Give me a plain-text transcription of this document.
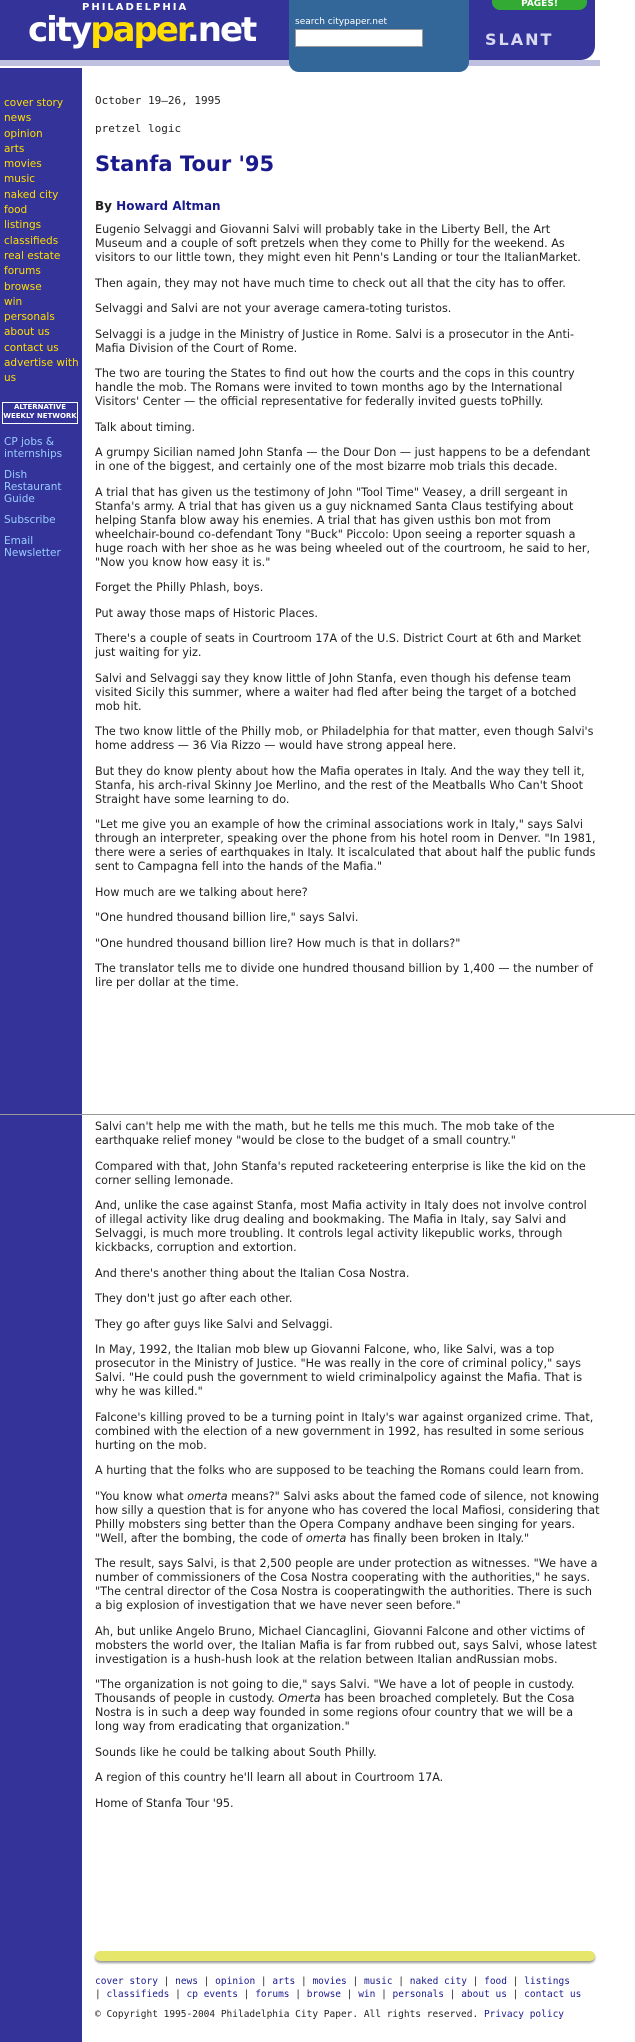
PHILADELPHIA
citypaper.net	search citypaper.net
PAGES!
SLANT
cover story
news
opinion
arts
movies
music
naked city
food
listings
classifieds
real estate
forums
browse
win
personals
about us
contact us
advertise with us
ALTERNATIVE WEEKLY NETWORK
CP jobs & internships
Dish Restaurant Guide
Subscribe
Email Newsletter

October 19–26, 1995

pretzel logic

Stanfa Tour '95

By Howard Altman

Eugenio Selvaggi and Giovanni Salvi will probably take in the Liberty Bell, the Art Museum and a couple of soft pretzels when they come to Philly for the weekend. As visitors to our little town, they might even hit Penn's Landing or tour the ItalianMarket.

Then again, they may not have much time to check out all that the city has to offer.

Selvaggi and Salvi are not your average camera-toting turistos.

Selvaggi is a judge in the Ministry of Justice in Rome. Salvi is a prosecutor in the Anti-Mafia Division of the Court of Rome.

The two are touring the States to find out how the courts and the cops in this country handle the mob. The Romans were invited to town months ago by the International Visitors' Center — the official representative for federally invited guests toPhilly.

Talk about timing.

A grumpy Sicilian named John Stanfa — the Dour Don — just happens to be a defendant in one of the biggest, and certainly one of the most bizarre mob trials this decade.

A trial that has given us the testimony of John "Tool Time" Veasey, a drill sergeant in Stanfa's army. A trial that has given us a guy nicknamed Santa Claus testifying about helping Stanfa blow away his enemies. A trial that has given usthis bon mot from wheelchair-bound co-defendant Tony "Buck" Piccolo: Upon seeing a reporter squash a huge roach with her shoe as he was being wheeled out of the courtroom, he said to her, "Now you know how easy it is."

Forget the Philly Phlash, boys.

Put away those maps of Historic Places.

There's a couple of seats in Courtroom 17A of the U.S. District Court at 6th and Market just waiting for yiz.

Salvi and Selvaggi say they know little of John Stanfa, even though his defense team visited Sicily this summer, where a waiter had fled after being the target of a botched mob hit.

The two know little of the Philly mob, or Philadelphia for that matter, even though Salvi's home address — 36 Via Rizzo — would have strong appeal here.

But they do know plenty about how the Mafia operates in Italy. And the way they tell it, Stanfa, his arch-rival Skinny Joe Merlino, and the rest of the Meatballs Who Can't Shoot Straight have some learning to do.

"Let me give you an example of how the criminal associations work in Italy," says Salvi through an interpreter, speaking over the phone from his hotel room in Denver. "In 1981, there were a series of earthquakes in Italy. It iscalculated that about half the public funds sent to Campagna fell into the hands of the Mafia."

How much are we talking about here?

"One hundred thousand billion lire," says Salvi.

"One hundred thousand billion lire? How much is that in dollars?"

The translator tells me to divide one hundred thousand billion by 1,400 — the number of lire per dollar at the time.

Salvi can't help me with the math, but he tells me this much. The mob take of the earthquake relief money "would be close to the budget of a small country."

Compared with that, John Stanfa's reputed racketeering enterprise is like the kid on the corner selling lemonade.

And, unlike the case against Stanfa, most Mafia activity in Italy does not involve control of illegal activity like drug dealing and bookmaking. The Mafia in Italy, say Salvi and Selvaggi, is much more troubling. It controls legal activity likepublic works, through kickbacks, corruption and extortion.

And there's another thing about the Italian Cosa Nostra.

They don't just go after each other.

They go after guys like Salvi and Selvaggi.

In May, 1992, the Italian mob blew up Giovanni Falcone, who, like Salvi, was a top prosecutor in the Ministry of Justice. "He was really in the core of criminal policy," says Salvi. "He could push the government to wield criminalpolicy against the Mafia. That is why he was killed."

Falcone's killing proved to be a turning point in Italy's war against organized crime. That, combined with the election of a new government in 1992, has resulted in some serious hurting on the mob.

A hurting that the folks who are supposed to be teaching the Romans could learn from.

"You know what omerta means?" Salvi asks about the famed code of silence, not knowing how silly a question that is for anyone who has covered the local Mafiosi, considering that Philly mobsters sing better than the Opera Company andhave been singing for years. "Well, after the bombing, the code of omerta has finally been broken in Italy."

The result, says Salvi, is that 2,500 people are under protection as witnesses. "We have a number of commissioners of the Cosa Nostra cooperating with the authorities," he says. "The central director of the Cosa Nostra is cooperatingwith the authorities. There is such a big explosion of investigation that we have never seen before."

Ah, but unlike Angelo Bruno, Michael Ciancaglini, Giovanni Falcone and other victims of mobsters the world over, the Italian Mafia is far from rubbed out, says Salvi, whose latest investigation is a hush-hush look at the relation between Italian andRussian mobs.

"The organization is not going to die," says Salvi. "We have a lot of people in custody. Thousands of people in custody. Omerta has been broached completely. But the Cosa Nostra is in such a deep way founded in some regions ofour country that we will be a long way from eradicating that organization."

Sounds like he could be talking about South Philly.

A region of this country he'll learn all about in Courtroom 17A.

Home of Stanfa Tour '95.

cover story | news | opinion | arts | movies | music | naked city | food | listings
| classifieds | cp events | forums | browse | win | personals | about us | contact us
© Copyright 1995-2004 Philadelphia City Paper. All rights reserved. Privacy policy
